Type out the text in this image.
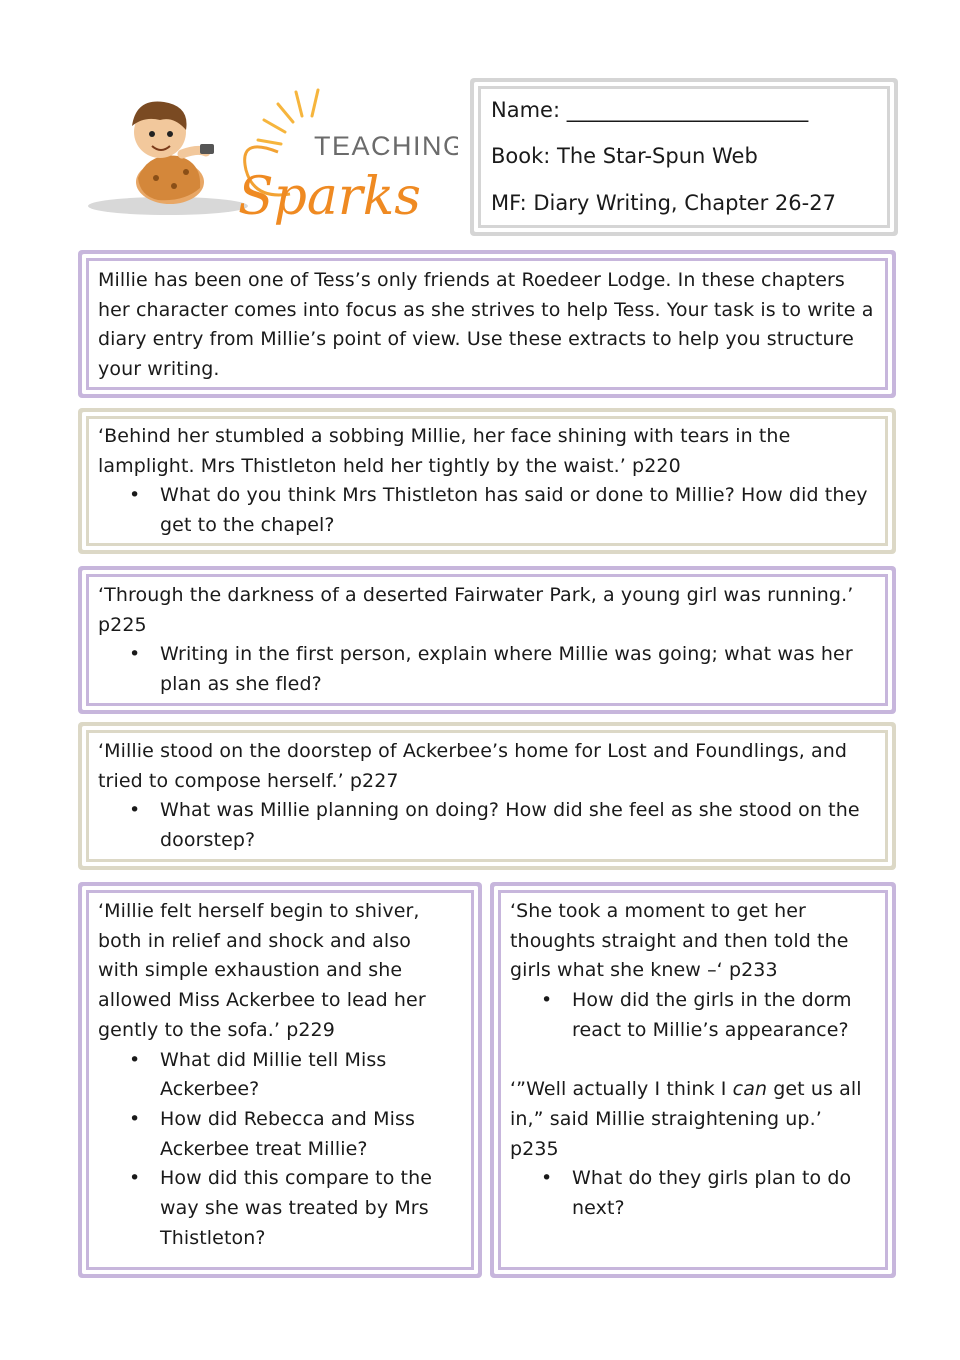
TEACHING
Sparks
Name: _______________________
Book: The Star-Spun Web
MF: Diary Writing, Chapter 26-27

Millie has been one of Tess’s only friends at Roedeer Lodge. In these chapters her character comes into focus as she strives to help Tess. Your task is to write a diary entry from Millie’s point of view. Use these extracts to help you structure your writing.

‘Behind her stumbled a sobbing Millie, her face shining with tears in the lamplight. Mrs Thistleton held her tightly by the waist.’ p220

• What do you think Mrs Thistleton has said or done to Millie? How did they get to the chapel?

‘Through the darkness of a deserted Fairwater Park, a young girl was running.’ p225

• Writing in the first person, explain where Millie was going; what was her plan as she fled?

‘Millie stood on the doorstep of Ackerbee’s home for Lost and Foundlings, and tried to compose herself.’ p227

• What was Millie planning on doing? How did she feel as she stood on the doorstep?

‘Millie felt herself begin to shiver, both in relief and shock and also with simple exhaustion and she allowed Miss Ackerbee to lead her gently to the sofa.’ p229

• What did Millie tell Miss Ackerbee?
• How did Rebecca and Miss Ackerbee treat Millie?
• How did this compare to the way she was treated by Mrs Thistleton?

‘She took a moment to get her thoughts straight and then told the girls what she knew –‘ p233

• How did the girls in the dorm react to Millie’s appearance?

‘”Well actually I think I can get us all in,” said Millie straightening up.’ p235

• What do they girls plan to do next?
